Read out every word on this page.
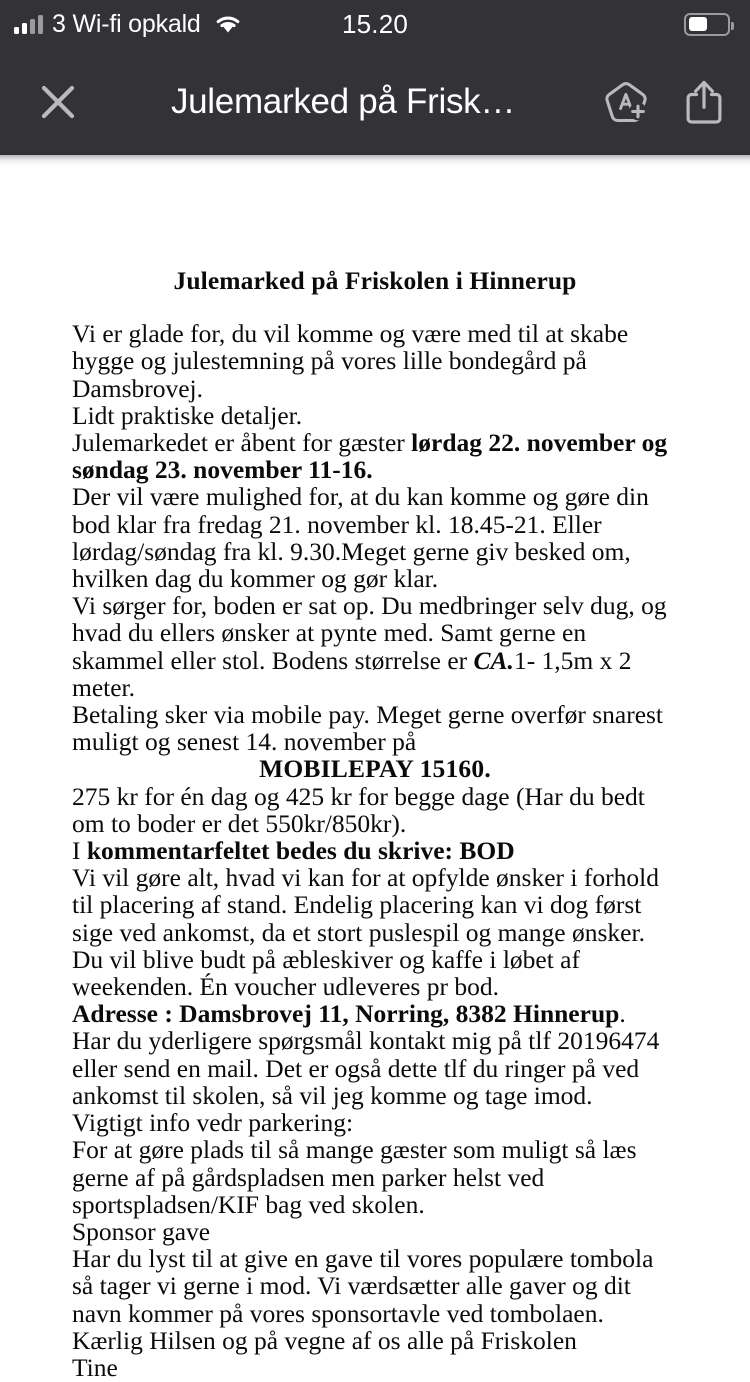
3 Wi-fi opkald	15.20
Julemarked på Frisk…
Julemarked på Friskolen i Hinnerup

Vi er glade for, du vil komme og være med til at skabe hygge og julestemning på vores lille bondegård på Damsbrovej.

Lidt praktiske detaljer.

Julemarkedet er åbent for gæster lørdag 22. november og søndag 23. november 11-16.

Der vil være mulighed for, at du kan komme og gøre din bod klar fra fredag 21. november kl. 18.45-21. Eller lørdag/søndag fra kl. 9.30.Meget gerne giv besked om, hvilken dag du kommer og gør klar.

Vi sørger for, boden er sat op. Du medbringer selv dug, og hvad du ellers ønsker at pynte med. Samt gerne en skammel eller stol. Bodens størrelse er CA.1- 1,5m x 2 meter.

Betaling sker via mobile pay. Meget gerne overfør snarest muligt og senest 14. november på

MOBILEPAY 15160.

275 kr for én dag og 425 kr for begge dage (Har du bedt om to boder er det 550kr/850kr).

I kommentarfeltet bedes du skrive: BOD

Vi vil gøre alt, hvad vi kan for at opfylde ønsker i forhold til placering af stand. Endelig placering kan vi dog først sige ved ankomst, da et stort puslespil og mange ønsker.

Du vil blive budt på æbleskiver og kaffe i løbet af weekenden. Én voucher udleveres pr bod.

Adresse : Damsbrovej 11, Norring, 8382 Hinnerup.

Har du yderligere spørgsmål kontakt mig på tlf 20196474 eller send en mail. Det er også dette tlf du ringer på ved ankomst til skolen, så vil jeg komme og tage imod.

Vigtigt info vedr parkering:

For at gøre plads til så mange gæster som muligt så læs gerne af på gårdspladsen men parker helst ved sportspladsen/KIF bag ved skolen.

Sponsor gave

Har du lyst til at give en gave til vores populære tombola så tager vi gerne i mod. Vi værdsætter alle gaver og dit navn kommer på vores sponsortavle ved tombolaen.

Kærlig Hilsen og på vegne af os alle på Friskolen

Tine
